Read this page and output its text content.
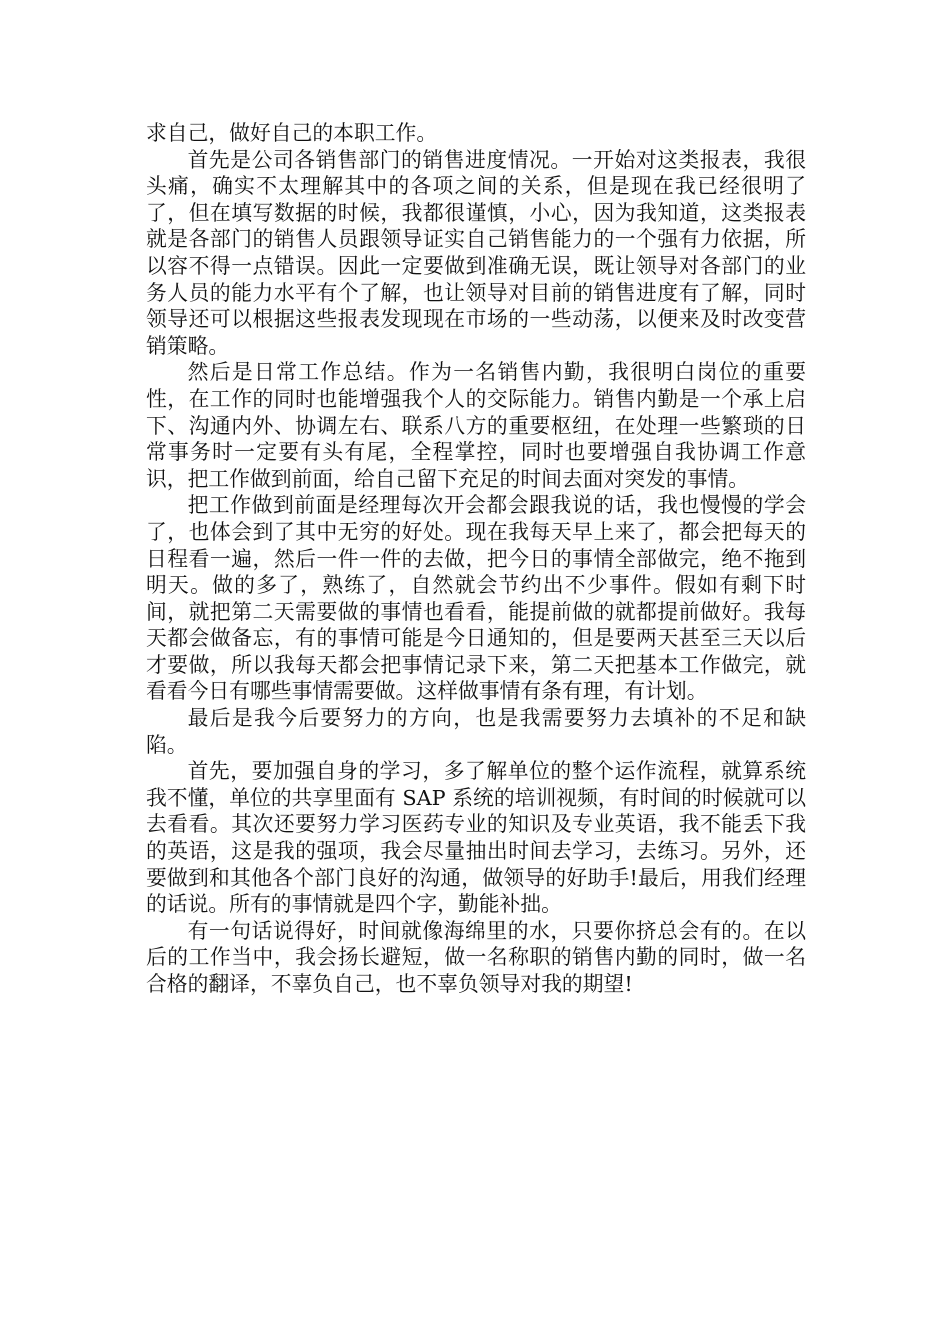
求自己，做好自己的本职工作。

首先是公司各销售部门的销售进度情况。一开始对这类报表，我很头痛，确实不太理解其中的各项之间的关系，但是现在我已经很明了了，但在填写数据的时候，我都很谨慎，小心，因为我知道，这类报表就是各部门的销售人员跟领导证实自己销售能力的一个强有力依据，所以容不得一点错误。因此一定要做到准确无误，既让领导对各部门的业务人员的能力水平有个了解，也让领导对目前的销售进度有了解，同时领导还可以根据这些报表发现现在市场的一些动荡，以便来及时改变营销策略。

然后是日常工作总结。作为一名销售内勤，我很明白岗位的重要性，在工作的同时也能增强我个人的交际能力。销售内勤是一个承上启下、沟通内外、协调左右、联系八方的重要枢纽，在处理一些繁琐的日常事务时一定要有头有尾，全程掌控，同时也要增强自我协调工作意识，把工作做到前面，给自己留下充足的时间去面对突发的事情。

把工作做到前面是经理每次开会都会跟我说的话，我也慢慢的学会了，也体会到了其中无穷的好处。现在我每天早上来了，都会把每天的日程看一遍，然后一件一件的去做，把今日的事情全部做完，绝不拖到明天。做的多了，熟练了，自然就会节约出不少事件。假如有剩下时间，就把第二天需要做的事情也看看，能提前做的就都提前做好。我每天都会做备忘，有的事情可能是今日通知的，但是要两天甚至三天以后才要做，所以我每天都会把事情记录下来，第二天把基本工作做完，就看看今日有哪些事情需要做。这样做事情有条有理，有计划。

最后是我今后要努力的方向，也是我需要努力去填补的不足和缺陷。

首先，要加强自身的学习，多了解单位的整个运作流程，就算系统我不懂，单位的共享里面有 SAP 系统的培训视频，有时间的时候就可以去看看。其次还要努力学习医药专业的知识及专业英语，我不能丢下我的英语，这是我的强项，我会尽量抽出时间去学习，去练习。另外，还要做到和其他各个部门良好的沟通，做领导的好助手!最后，用我们经理的话说。所有的事情就是四个字，勤能补拙。

有一句话说得好，时间就像海绵里的水，只要你挤总会有的。在以后的工作当中，我会扬长避短，做一名称职的销售内勤的同时，做一名合格的翻译，不辜负自己，也不辜负领导对我的期望!
